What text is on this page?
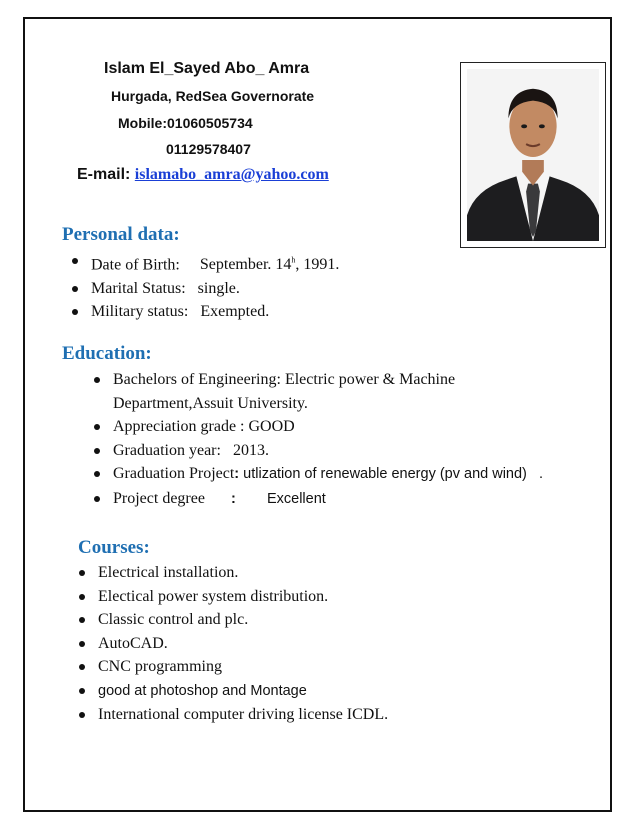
Islam El_Sayed Abo_ Amra
Hurgada, RedSea Governorate
Mobile:01060505734
01129578407
E-mail: islamabo_amra@yahoo.com
Personal data:
Date of Birth: September. 14$^h$, 1991.
Marital Status:   single.
Military status:   Exempted.
Education:
Bachelors of Engineering: Electric power & Machine
Department,Assuit University.
Appreciation grade : GOOD
Graduation year:   2013.
Graduation Project: utlization of renewable energy (pv and wind)   .
Project degree : Excellent
Courses:
Electrical installation.
Electical power system distribution.
Classic control and plc.
AutoCAD.
CNC programming
good at photoshop and Montage
International computer driving license ICDL.
